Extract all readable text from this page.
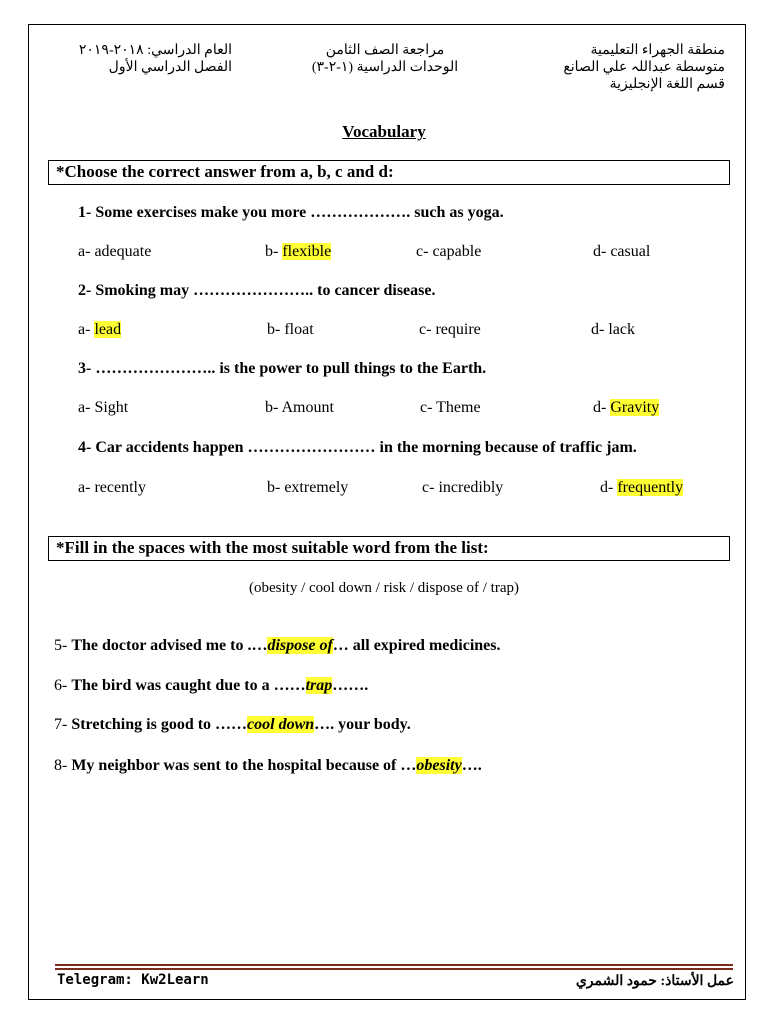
منطقة الجهراء التعليمية
متوسطة عبداللہ علي الصانع
قسم اللغة الإنجليزية
مراجعة الصف الثامن
الوحدات الدراسية (١-٢-٣)
العام الدراسي: ٢٠١٨-٢٠١٩
الفصل الدراسي الأول
Vocabulary
*Choose the correct answer from a, b, c and d:
1- Some exercises make you more ………………. such as yoga.
a- adequate	b- flexible	c- capable	d- casual
2- Smoking may ………………….. to cancer disease.
a- lead	b- float	c- require	d- lack
3- ………………….. is the power to pull things to the Earth.
a- Sight	b- Amount	c- Theme	d- Gravity
4- Car accidents happen …………………… in the morning because of traffic jam.
a- recently	b- extremely	c- incredibly	d- frequently
*Fill in the spaces with the most suitable word from the list:
(obesity / cool down / risk / dispose of / trap)
5- The doctor advised me to .…dispose of… all expired medicines.
6- The bird was caught due to a ……trap…….
7- Stretching is good to ……cool down…. your body.
8- My neighbor was sent to the hospital because of …obesity….
Telegram: Kw2Learn	عمل الأستاذ: حمود الشمري
